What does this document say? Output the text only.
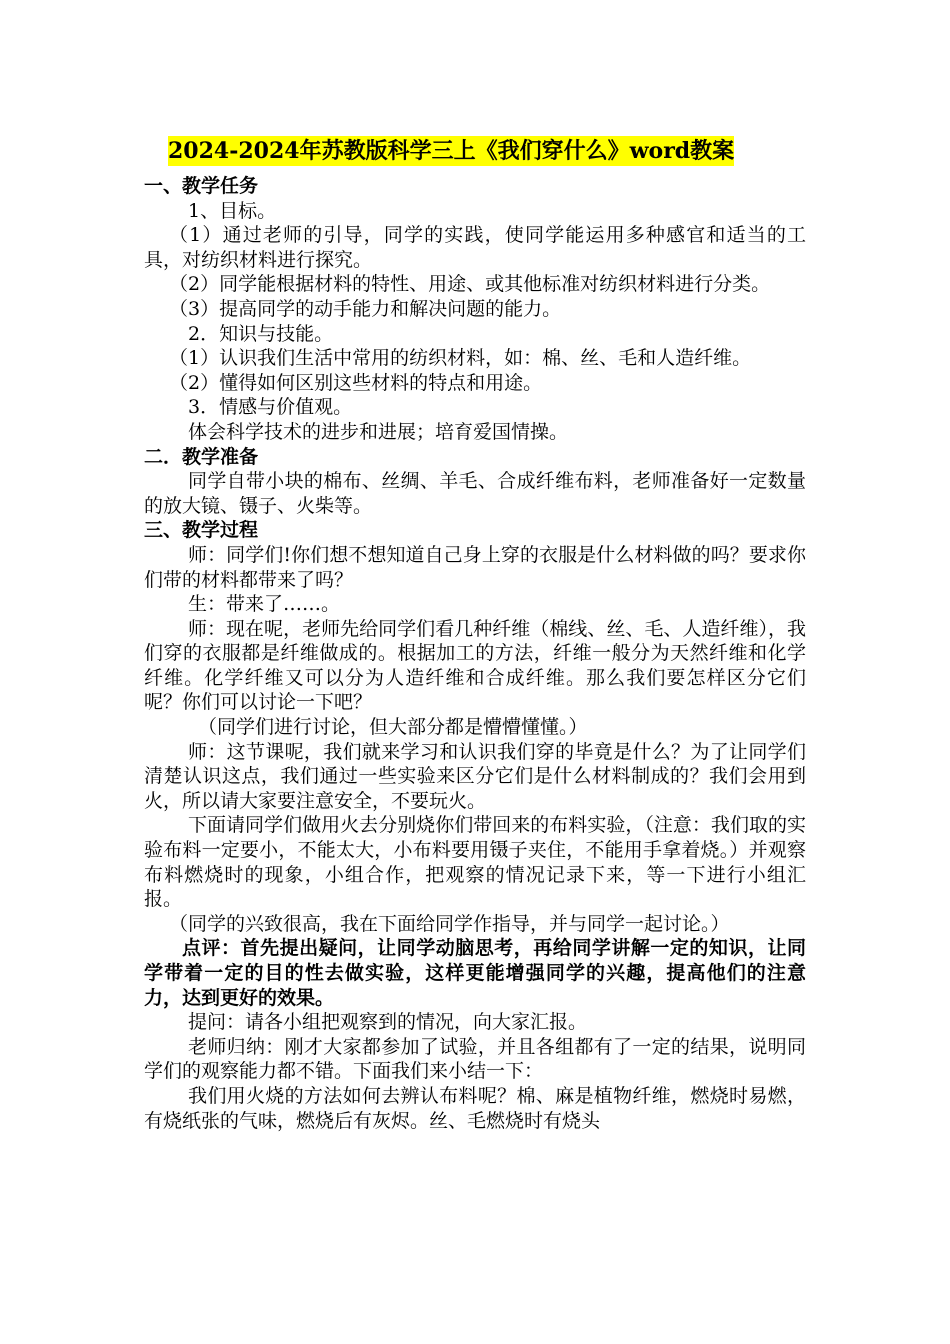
2024-2024年苏教版科学三上《我们穿什么》word教案

一、教学任务

1、目标。

（1）通过老师的引导，同学的实践，使同学能运用多种感官和适当的工具，对纺织材料进行探究。

（2）同学能根据材料的特性、用途、或其他标准对纺织材料进行分类。

（3）提高同学的动手能力和解决问题的能力。

2．知识与技能。

（1）认识我们生活中常用的纺织材料，如：棉、丝、毛和人造纤维。

（2）懂得如何区别这些材料的特点和用途。

3．情感与价值观。

体会科学技术的进步和进展；培育爱国情操。

二．教学准备

同学自带小块的棉布、丝绸、羊毛、合成纤维布料，老师准备好一定数量的放大镜、镊子、火柴等。

三、教学过程

师：同学们!你们想不想知道自己身上穿的衣服是什么材料做的吗？要求你们带的材料都带来了吗？

生：带来了……。

师：现在呢，老师先给同学们看几种纤维（棉线、丝、毛、人造纤维），我们穿的衣服都是纤维做成的。根据加工的方法，纤维一般分为天然纤维和化学纤维。化学纤维又可以分为人造纤维和合成纤维。那么我们要怎样区分它们呢？你们可以讨论一下吧？

（同学们进行讨论，但大部分都是懵懵懂懂。）

师：这节课呢，我们就来学习和认识我们穿的毕竟是什么？为了让同学们清楚认识这点，我们通过一些实验来区分它们是什么材料制成的？我们会用到火，所以请大家要注意安全，不要玩火。

下面请同学们做用火去分别烧你们带回来的布料实验，（注意：我们取的实验布料一定要小，不能太大，小布料要用镊子夹住，不能用手拿着烧。）并观察布料燃烧时的现象，小组合作，把观察的情况记录下来，等一下进行小组汇报。

（同学的兴致很高，我在下面给同学作指导，并与同学一起讨论。）

点评：首先提出疑问，让同学动脑思考，再给同学讲解一定的知识，让同学带着一定的目的性去做实验，这样更能增强同学的兴趣，提高他们的注意力，达到更好的效果。

提问：请各小组把观察到的情况，向大家汇报。

老师归纳：刚才大家都参加了试验，并且各组都有了一定的结果，说明同学们的观察能力都不错。下面我们来小结一下：

我们用火烧的方法如何去辨认布料呢？棉、麻是植物纤维，燃烧时易燃，有烧纸张的气味，燃烧后有灰烬。丝、毛燃烧时有烧头
